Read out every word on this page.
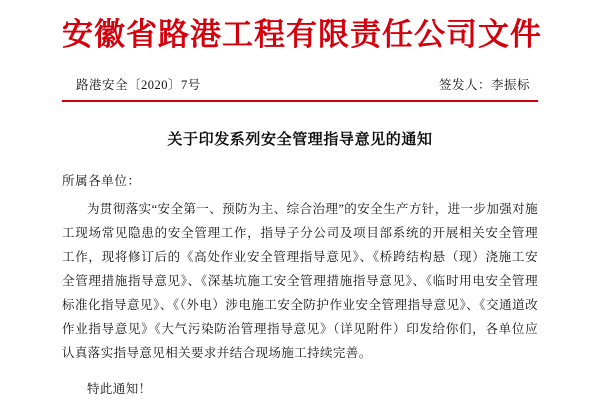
安徽省路港工程有限责任公司文件
路港安全〔2020〕7号	签发人：李振标
关于印发系列安全管理指导意见的通知
所属各单位：

为贯彻落实“安全第一、预防为主、综合治理”的安全生产方针，进一步加强对施工现场常见隐患的安全管理工作，指导子分公司及项目部系统的开展相关安全管理工作，现将修订后的《高处作业安全管理指导意见》、《桥跨结构悬（现）浇施工安全管理措施指导意见》、《深基坑施工安全管理措施指导意见》、《临时用电安全管理标准化指导意见》、《（外电）涉电施工安全防护作业安全管理指导意见》、《交通道改作业指导意见》《大气污染防治管理指导意见》（详见附件）印发给你们，各单位应认真落实指导意见相关要求并结合现场施工持续完善。

特此通知！
